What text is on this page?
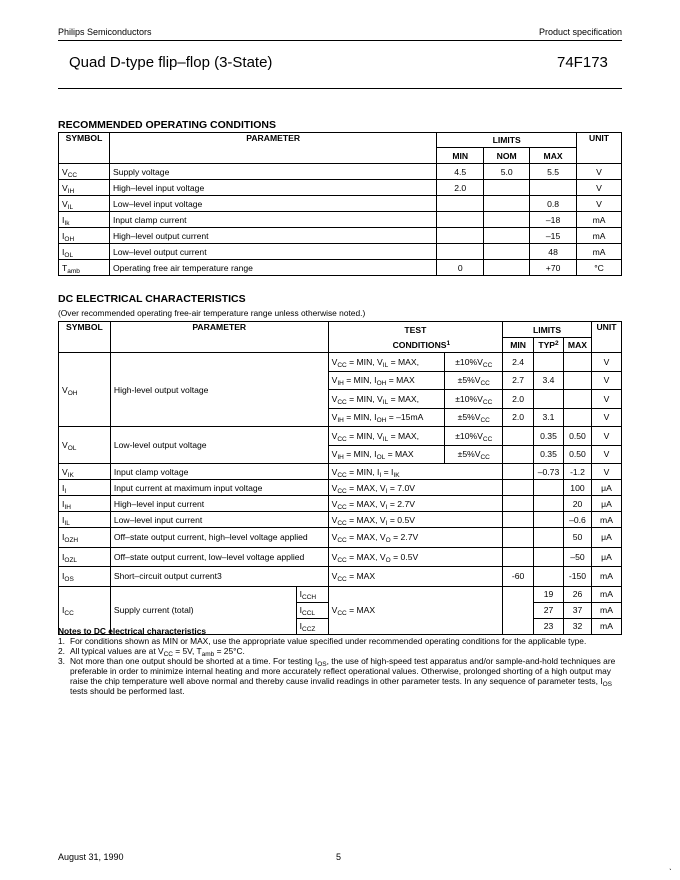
Philips Semiconductors	Product specification
Quad D-type flip–flop (3-State)	74F173
RECOMMENDED OPERATING CONDITIONS
SYMBOL	PARAMETER	LIMITS			UNIT
		MIN	NOM	MAX	
$V_{CC}$	Supply voltage	4.5	5.0	5.5	V
$V_{IH}$	High–level input voltage	2.0			V
$V_{IL}$	Low–level input voltage			0.8	V
$I_{Ik}$	Input clamp current			–18	mA
$I_{OH}$	High–level output current			–15	mA
$I_{OL}$	Low–level output current			48	mA
$T_{amb}$	Operating free air temperature range	0		+70	°C
DC ELECTRICAL CHARACTERISTICS
(Over recommended operating free-air temperature range unless otherwise noted.)
SYMBOL	PARAMETER		TEST		LIMITS			UNIT
			CONDITIONS$^1$		MIN	TYP$^2$	MAX	
$V_{OH}$	High-level output voltage		$V_{CC}$ = MIN, $V_{IL}$ = MAX,	$\pm 10\%V_{CC}$	2.4			V
			$V_{IH}$ = MIN, $I_{OH}$ = MAX	$\pm 5\%V_{CC}$	2.7	3.4		V
			$V_{CC}$ = MIN, $V_{IL}$ = MAX,	$\pm 10\%V_{CC}$	2.0			V
			$V_{IH}$ = MIN, $I_{OH} = -15mA$	$\pm 5\%V_{CC}$	2.0	3.1		V
$V_{OL}$	Low-level output voltage		$V_{CC}$ = MIN, $V_{IL}$ = MAX,	$\pm 10\%V_{CC}$		0.35	0.50	V
			$V_{IH}$ = MIN, $I_{OL}$ = MAX	$\pm 5\%V_{CC}$		0.35	0.50	V
$V_{IK}$	Input clamp voltage		$V_{CC}$ = MIN, $I_I = I_{IK}$			–0.73	-1.2	V
$I_I$	Input current at maximum input voltage		$V_{CC}$ = MAX, $V_I = 7.0V$				100	μA
$I_{IH}$	High–level input current		$V_{CC}$ = MAX, $V_I = 2.7V$				20	μA
$I_{IL}$	Low–level input current		$V_{CC}$ = MAX, $V_I = 0.5V$				–0.6	mA
$I_{OZH}$	Off–state output current, high–level voltage applied		$V_{CC}$ = MAX, $V_O = 2.7V$				50	μA
$I_{OZL}$	Off–state output current, low–level voltage applied		$V_{CC}$ = MAX, $V_O = 0.5V$				–50	μA
$I_{OS}$	Short–circuit output current3		$V_{CC}$ = MAX		-60		-150	mA
$I_{CC}$	Supply current (total)	$I_{CCH}$	$V_{CC}$ = MAX			19	26	mA
		$I_{CCL}$				27	37	mA
		$I_{CCZ}$				23	32	mA
Notes to DC electrical characteristics
1. For conditions shown as MIN or MAX, use the appropriate value specified under recommended operating conditions for the applicable type.
2. All typical values are at $V_{CC} = 5V$, $T_{amb} = 25^\circ C$.
3. Not more than one output should be shorted at a time. For testing $I_{OS}$, the use of high-speed test apparatus and/or sample-and-hold techniques are preferable in order to minimize internal heating and more accurately reflect operational values. Otherwise, prolonged shorting of a high output may raise the chip temperature well above normal and thereby cause invalid readings in other parameter tests. In any sequence of parameter tests, $I_{OS}$ tests should be performed last.
August 31, 1990	5
ˎ
